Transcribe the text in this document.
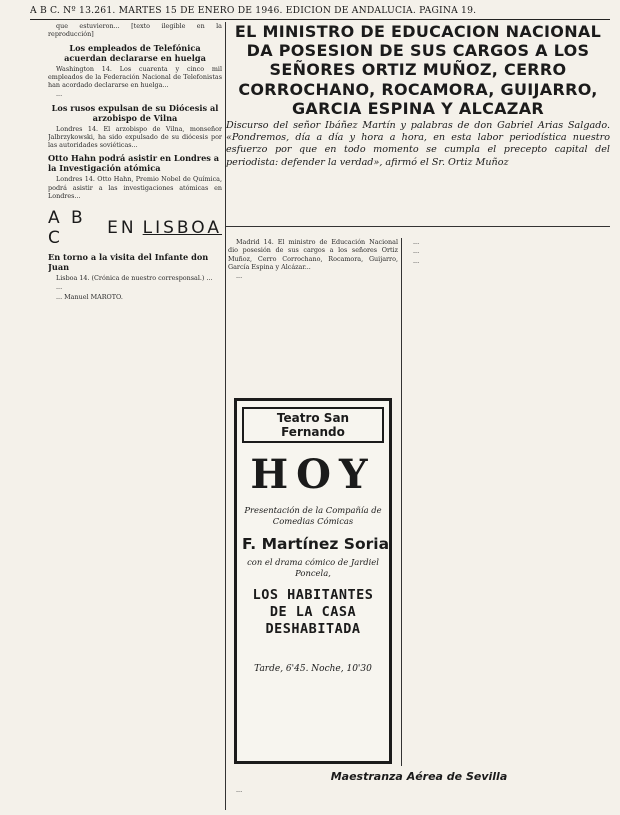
A B C. Nº 13.261. MARTES 15 DE ENERO DE 1946. EDICION DE ANDALUCIA. PAGINA 19.

que estuvieron... [texto ilegible en la reproducción]

Los empleados de Telefónica acuerdan declararse en huelga

Washington 14. Los cuarenta y cinco mil empleados de la Federación Nacional de Telefonistas han acordado declararse en huelga...

...

Los rusos expulsan de su Diócesis al arzobispo de Vilna

Londres 14. El arzobispo de Vilna, monseñor Jalbrzykowski, ha sido expulsado de su diócesis por las autoridades soviéticas...

Otto Hahn podrá asistir en Londres a la Investigación atómica

Londres 14. Otto Hahn, Premio Nobel de Química, podrá asistir a las investigaciones atómicas en Londres...

A B C	EN LISBOA
En torno a la visita del Infante don Juan

Lisboa 14. (Crónica de nuestro corresponsal.) ...

...

... Manuel MAROTO.

EL MINISTRO DE EDUCACION NACIONAL DA POSESION DE SUS CARGOS A LOS SEÑORES ORTIZ MUÑOZ, CERRO CORROCHANO, ROCAMORA, GUIJARRO, GARCIA ESPINA Y ALCAZAR
Discurso del señor Ibáñez Martín y palabras de don Gabriel Arias Salgado. «Pondremos, día a día y hora a hora, en esta labor periodística nuestro esfuerzo por que en todo momento se cumpla el precepto capital del periodista: defender la verdad», afirmó el Sr. Ortiz Muñoz

Madrid 14. El ministro de Educación Nacional dio posesión de sus cargos a los señores Ortiz Muñoz, Cerro Corrochano, Rocamora, Guijarro, García Espina y Alcázar...

...

...

...

...

Teatro San Fernando
HOY
Presentación de la Compañía de Comedias Cómicas
F. Martínez Soria
con el drama cómico de Jardiel Poncela,
LOS HABITANTES DE LA CASA DESHABITADA
Tarde, 6'45. Noche, 10'30
Maestranza Aérea de Sevilla
...
